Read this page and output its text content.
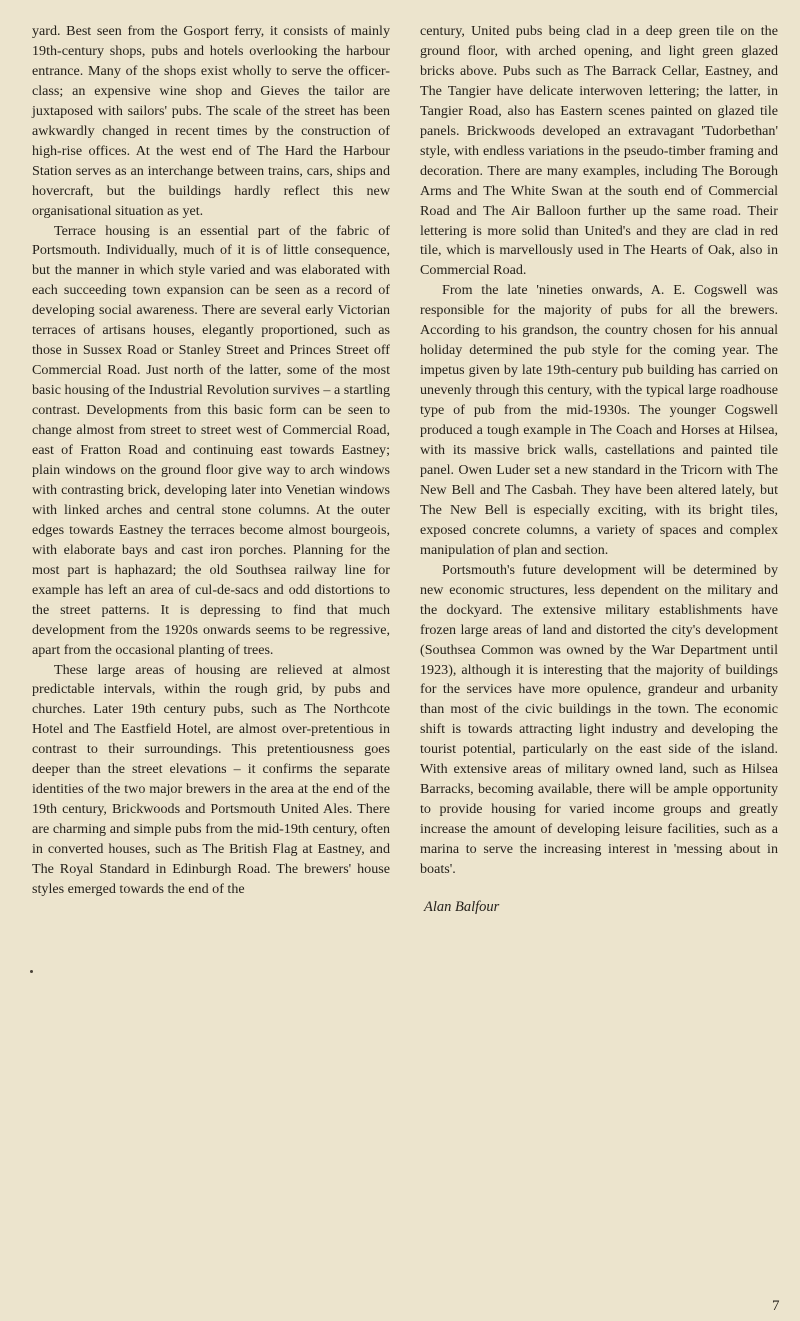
yard. Best seen from the Gosport ferry, it consists of mainly 19th-century shops, pubs and hotels overlooking the harbour entrance. Many of the shops exist wholly to serve the officer-class; an expensive wine shop and Gieves the tailor are juxtaposed with sailors' pubs. The scale of the street has been awkwardly changed in recent times by the construction of high-rise offices. At the west end of The Hard the Harbour Station serves as an interchange between trains, cars, ships and hovercraft, but the buildings hardly reflect this new organisational situation as yet.

Terrace housing is an essential part of the fabric of Portsmouth. Individually, much of it is of little consequence, but the manner in which style varied and was elaborated with each succeeding town expansion can be seen as a record of developing social awareness. There are several early Victorian terraces of artisans houses, elegantly proportioned, such as those in Sussex Road or Stanley Street and Princes Street off Commercial Road. Just north of the latter, some of the most basic housing of the Industrial Revolution survives – a startling contrast. Developments from this basic form can be seen to change almost from street to street west of Commercial Road, east of Fratton Road and continuing east towards Eastney; plain windows on the ground floor give way to arch windows with contrasting brick, developing later into Venetian windows with linked arches and central stone columns. At the outer edges towards Eastney the terraces become almost bourgeois, with elaborate bays and cast iron porches. Planning for the most part is haphazard; the old Southsea railway line for example has left an area of cul-de-sacs and odd distortions to the street patterns. It is depressing to find that much development from the 1920s onwards seems to be regressive, apart from the occasional planting of trees.

These large areas of housing are relieved at almost predictable intervals, within the rough grid, by pubs and churches. Later 19th century pubs, such as The Northcote Hotel and The Eastfield Hotel, are almost over-pretentious in contrast to their surroundings. This pretentiousness goes deeper than the street elevations – it confirms the separate identities of the two major brewers in the area at the end of the 19th century, Brickwoods and Portsmouth United Ales. There are charming and simple pubs from the mid-19th century, often in converted houses, such as The British Flag at Eastney, and The Royal Standard in Edinburgh Road. The brewers' house styles emerged towards the end of the

century, United pubs being clad in a deep green tile on the ground floor, with arched opening, and light green glazed bricks above. Pubs such as The Barrack Cellar, Eastney, and The Tangier have delicate interwoven lettering; the latter, in Tangier Road, also has Eastern scenes painted on glazed tile panels. Brickwoods developed an extravagant 'Tudorbethan' style, with endless variations in the pseudo-timber framing and decoration. There are many examples, including The Borough Arms and The White Swan at the south end of Commercial Road and The Air Balloon further up the same road. Their lettering is more solid than United's and they are clad in red tile, which is marvellously used in The Hearts of Oak, also in Commercial Road.

From the late 'nineties onwards, A. E. Cogswell was responsible for the majority of pubs for all the brewers. According to his grandson, the country chosen for his annual holiday determined the pub style for the coming year. The impetus given by late 19th-century pub building has carried on unevenly through this century, with the typical large roadhouse type of pub from the mid-1930s. The younger Cogswell produced a tough example in The Coach and Horses at Hilsea, with its massive brick walls, castellations and painted tile panel. Owen Luder set a new standard in the Tricorn with The New Bell and The Casbah. They have been altered lately, but The New Bell is especially exciting, with its bright tiles, exposed concrete columns, a variety of spaces and complex manipulation of plan and section.

Portsmouth's future development will be determined by new economic structures, less dependent on the military and the dockyard. The extensive military establishments have frozen large areas of land and distorted the city's development (Southsea Common was owned by the War Department until 1923), although it is interesting that the majority of buildings for the services have more opulence, grandeur and urbanity than most of the civic buildings in the town. The economic shift is towards attracting light industry and developing the tourist potential, particularly on the east side of the island. With extensive areas of military owned land, such as Hilsea Barracks, becoming available, there will be ample opportunity to provide housing for varied income groups and greatly increase the amount of developing leisure facilities, such as a marina to serve the increasing interest in 'messing about in boats'.

Alan Balfour
7
